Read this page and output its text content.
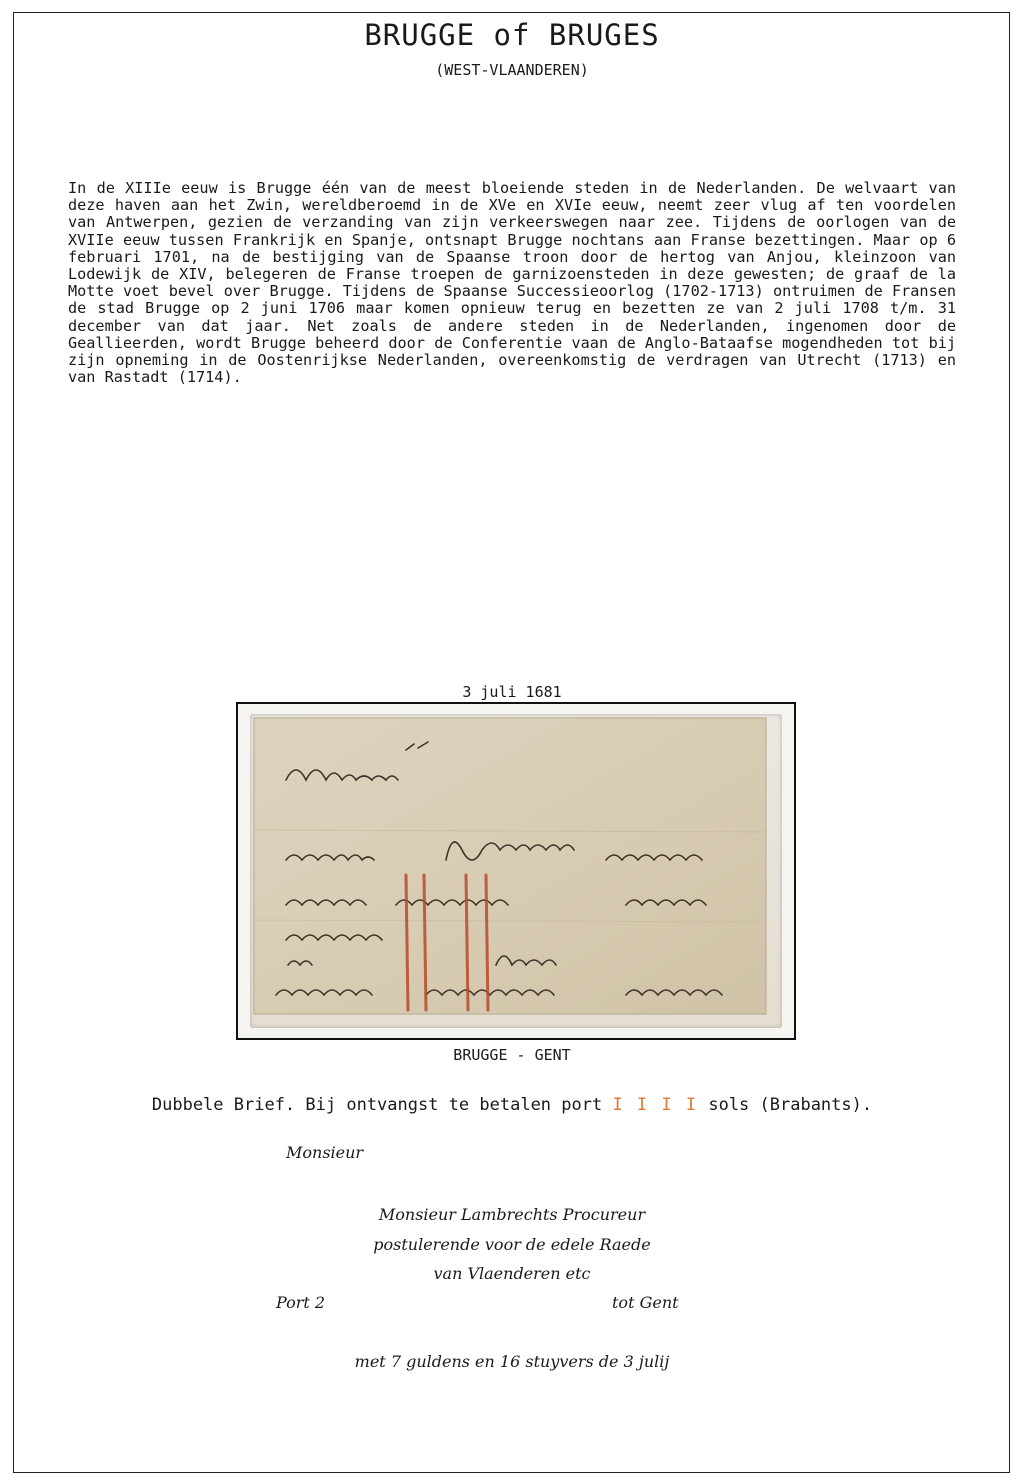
BRUGGE of BRUGES
(WEST-VLAANDEREN)

In de XIIIe eeuw is Brugge één van de meest bloeiende steden in de Nederlanden. De welvaart van deze haven aan het Zwin, wereldberoemd in de XVe en XVIe eeuw, neemt zeer vlug af ten voordelen van Antwerpen, gezien de verzanding van zijn verkeerswegen naar zee. Tijdens de oorlogen van de XVIIe eeuw tussen Frankrijk en Spanje, ontsnapt Brugge nochtans aan Franse bezettingen. Maar op 6 februari 1701, na de bestijging van de Spaanse troon door de hertog van Anjou, kleinzoon van Lodewijk de XIV, belegeren de Franse troepen de garnizoensteden in deze gewesten; de graaf de la Motte voet bevel over Brugge. Tijdens de Spaanse Successieoorlog (1702-1713) ontruimen de Fransen de stad Brugge op 2 juni 1706 maar komen opnieuw terug en bezetten ze van 2 juli 1708 t/m. 31 december van dat jaar. Net zoals de andere steden in de Nederlanden, ingenomen door de Geallieerden, wordt Brugge beheerd door de Conferentie vaan de Anglo-Bataafse mogendheden tot bij zijn opneming in de Oostenrijkse Nederlanden, overeenkomstig de verdragen van Utrecht (1713) en van Rastadt (1714).

3 juli 1681
BRUGGE - GENT
Dubbele Brief. Bij ontvangst te betalen port I I I I sols (Brabants).
Monsieur
Monsieur Lambrechts Procureur
postulerende voor de edele Raede
van Vlaenderen etc
Port 2	tot Gent
met 7 guldens en 16 stuyvers de 3 julij
